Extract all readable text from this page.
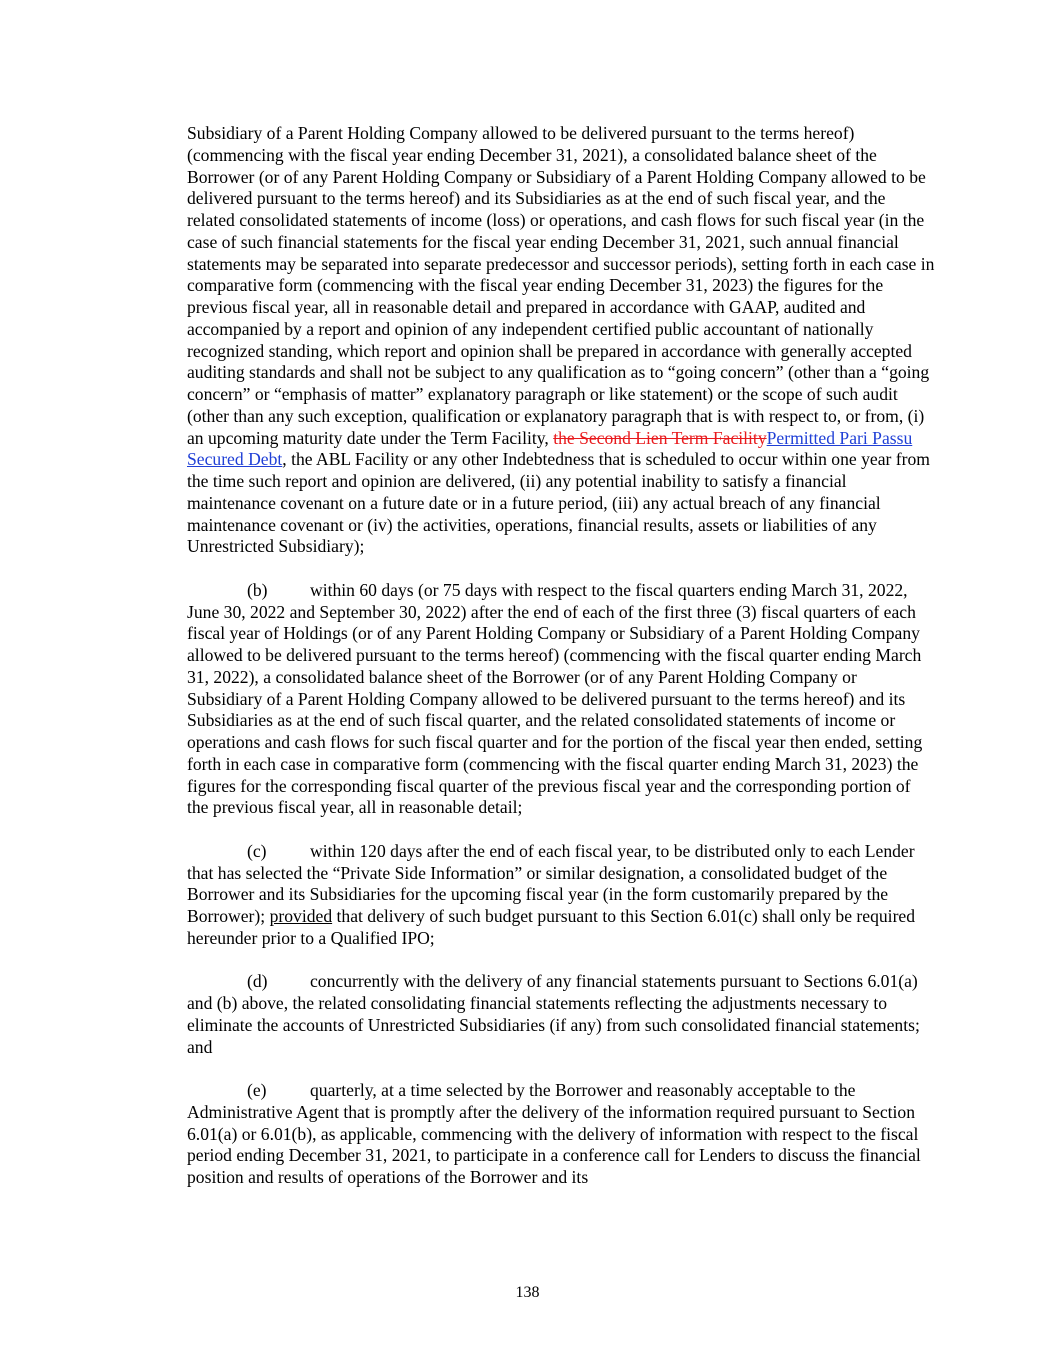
Subsidiary of a Parent Holding Company allowed to be delivered pursuant to the terms hereof) (commencing with the fiscal year ending December 31, 2021), a consolidated balance sheet of the Borrower (or of any Parent Holding Company or Subsidiary of a Parent Holding Company allowed to be delivered pursuant to the terms hereof) and its Subsidiaries as at the end of such fiscal year, and the related consolidated statements of income (loss) or operations, and cash flows for such fiscal year (in the case of such financial statements for the fiscal year ending December 31, 2021, such annual financial statements may be separated into separate predecessor and successor periods), setting forth in each case in comparative form (commencing with the fiscal year ending December 31, 2023) the figures for the previous fiscal year, all in reasonable detail and prepared in accordance with GAAP, audited and accompanied by a report and opinion of any independent certified public accountant of nationally recognized standing, which report and opinion shall be prepared in accordance with generally accepted auditing standards and shall not be subject to any qualification as to “going concern” (other than a “going concern” or “emphasis of matter” explanatory paragraph or like statement) or the scope of such audit (other than any such exception, qualification or explanatory paragraph that is with respect to, or from, (i) an upcoming maturity date under the Term Facility, the Second Lien Term FacilityPermitted Pari Passu Secured Debt, the ABL Facility or any other Indebtedness that is scheduled to occur within one year from the time such report and opinion are delivered, (ii) any potential inability to satisfy a financial maintenance covenant on a future date or in a future period, (iii) any actual breach of any financial maintenance covenant or (iv) the activities, operations, financial results, assets or liabilities of any Unrestricted Subsidiary);

(b) within 60 days (or 75 days with respect to the fiscal quarters ending March 31, 2022, June 30, 2022 and September 30, 2022) after the end of each of the first three (3) fiscal quarters of each fiscal year of Holdings (or of any Parent Holding Company or Subsidiary of a Parent Holding Company allowed to be delivered pursuant to the terms hereof) (commencing with the fiscal quarter ending March 31, 2022), a consolidated balance sheet of the Borrower (or of any Parent Holding Company or Subsidiary of a Parent Holding Company allowed to be delivered pursuant to the terms hereof) and its Subsidiaries as at the end of such fiscal quarter, and the related consolidated statements of income or operations and cash flows for such fiscal quarter and for the portion of the fiscal year then ended, setting forth in each case in comparative form (commencing with the fiscal quarter ending March 31, 2023) the figures for the corresponding fiscal quarter of the previous fiscal year and the corresponding portion of the previous fiscal year, all in reasonable detail;

(c) within 120 days after the end of each fiscal year, to be distributed only to each Lender that has selected the “Private Side Information” or similar designation, a consolidated budget of the Borrower and its Subsidiaries for the upcoming fiscal year (in the form customarily prepared by the Borrower); provided that delivery of such budget pursuant to this Section 6.01(c) shall only be required hereunder prior to a Qualified IPO;

(d) concurrently with the delivery of any financial statements pursuant to Sections 6.01(a) and (b) above, the related consolidating financial statements reflecting the adjustments necessary to eliminate the accounts of Unrestricted Subsidiaries (if any) from such consolidated financial statements; and

(e) quarterly, at a time selected by the Borrower and reasonably acceptable to the Administrative Agent that is promptly after the delivery of the information required pursuant to Section 6.01(a) or 6.01(b), as applicable, commencing with the delivery of information with respect to the fiscal period ending December 31, 2021, to participate in a conference call for Lenders to discuss the financial position and results of operations of the Borrower and its

138
